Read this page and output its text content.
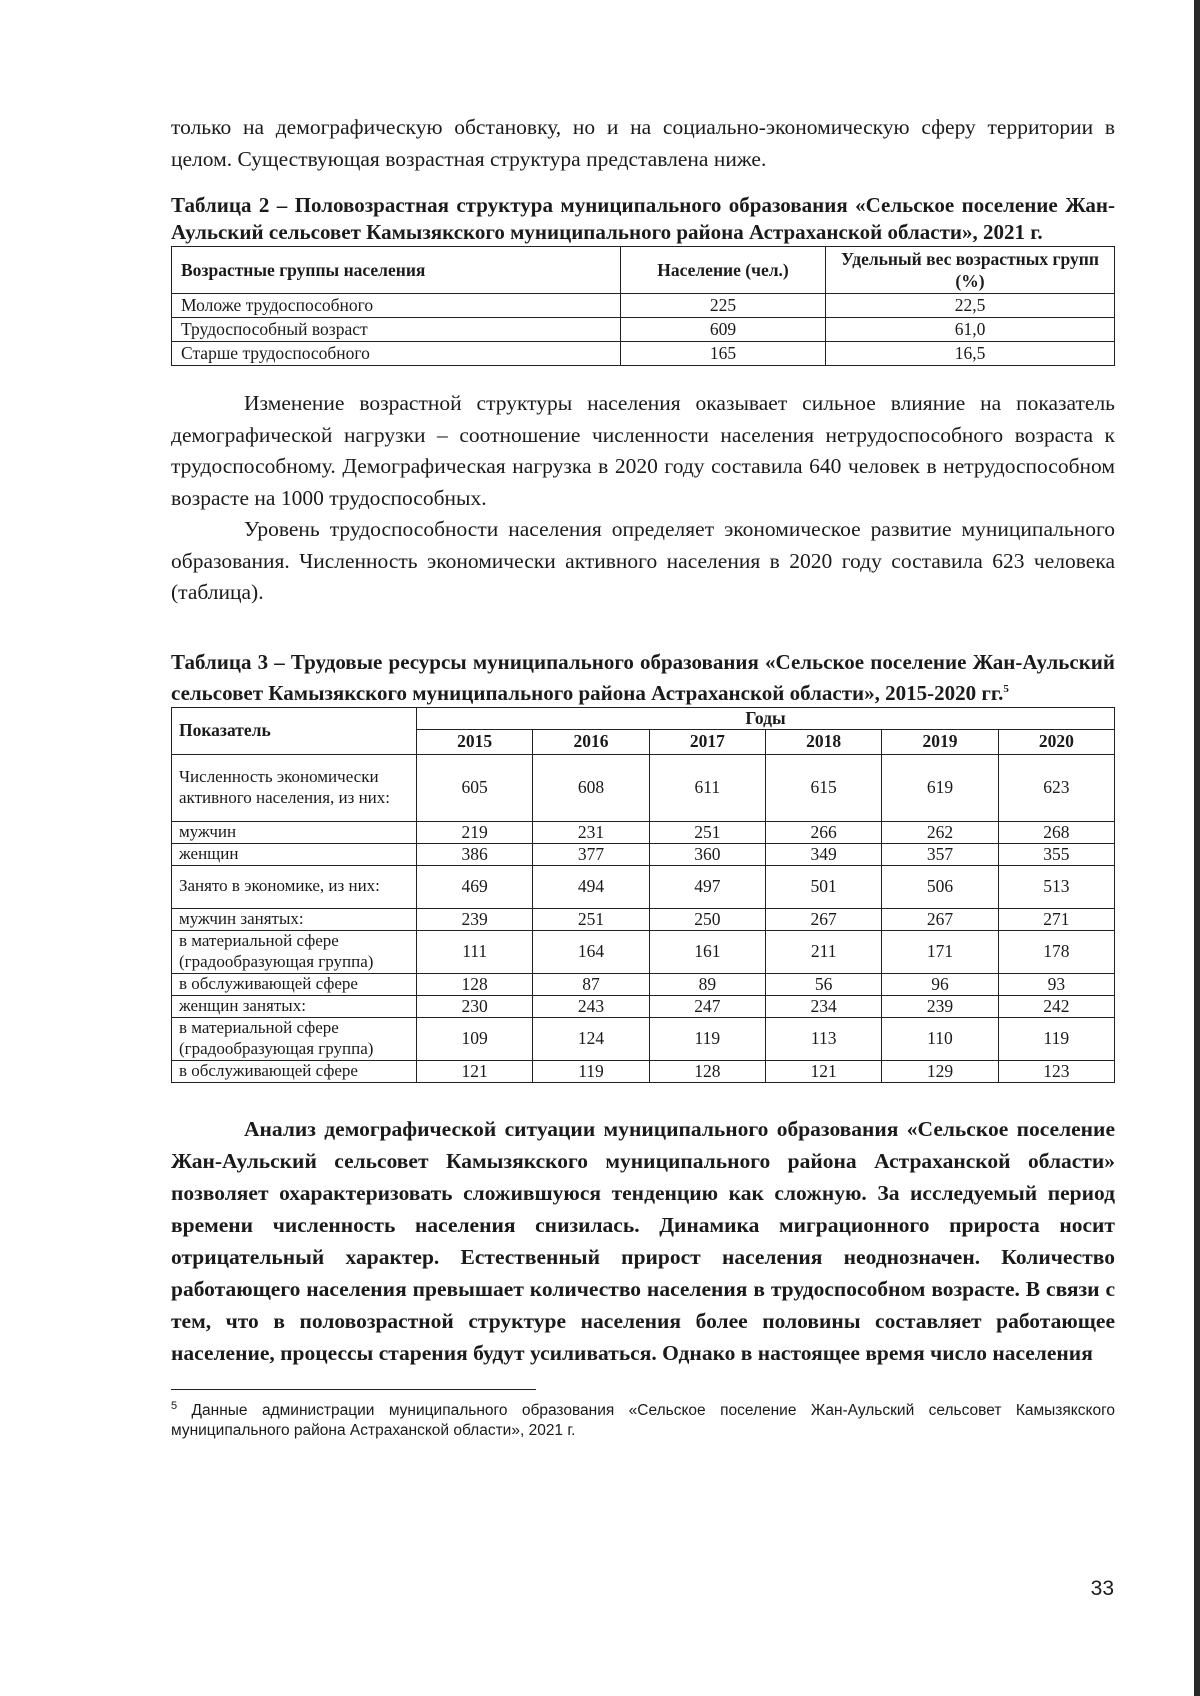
только на демографическую обстановку, но и на социально-экономическую сферу территории в целом. Существующая возрастная структура представлена ниже.

Таблица 2 – Половозрастная структура муниципального образования «Сельское поселение Жан-Аульский сельсовет Камызякского муниципального района Астраханской области», 2021 г.

Возрастные группы населения	Население (чел.)	Удельный вес возрастных групп (%)
Моложе трудоспособного	225	22,5
Трудоспособный возраст	609	61,0
Старше трудоспособного	165	16,5

Изменение возрастной структуры населения оказывает сильное влияние на показатель демографической нагрузки – соотношение численности населения нетрудоспособного возраста к трудоспособному. Демографическая нагрузка в 2020 году составила 640 человек в нетрудоспособном возрасте на 1000 трудоспособных.

Уровень трудоспособности населения определяет экономическое развитие муниципального образования. Численность экономически активного населения в 2020 году составила 623 человека (таблица).

Таблица 3 – Трудовые ресурсы муниципального образования «Сельское поселение Жан-Аульский сельсовет Камызякского муниципального района Астраханской области», 2015-2020 гг.$^5$

Показатель	Годы					
	2015	2016	2017	2018	2019	2020
Численность экономически активного населения, из них:	605	608	611	615	619	623
мужчин	219	231	251	266	262	268
женщин	386	377	360	349	357	355
Занято в экономике, из них:	469	494	497	501	506	513
мужчин занятых:	239	251	250	267	267	271
в материальной сфере (градообразующая группа)	111	164	161	211	171	178
в обслуживающей сфере	128	87	89	56	96	93
женщин занятых:	230	243	247	234	239	242
в материальной сфере (градообразующая группа)	109	124	119	113	110	119
в обслуживающей сфере	121	119	128	121	129	123

Анализ демографической ситуации муниципального образования «Сельское поселение Жан-Аульский сельсовет Камызякского муниципального района Астраханской области» позволяет охарактеризовать сложившуюся тенденцию как сложную. За исследуемый период времени численность населения снизилась. Динамика миграционного прироста носит отрицательный характер. Естественный прирост населения неоднозначен. Количество работающего населения превышает количество населения в трудоспособном возрасте. В связи с тем, что в половозрастной структуре населения более половины составляет работающее население, процессы старения будут усиливаться. Однако в настоящее время число населения

$^5$ Данные администрации муниципального образования «Сельское поселение Жан-Аульский сельсовет Камызякского муниципального района Астраханской области», 2021 г.
33
